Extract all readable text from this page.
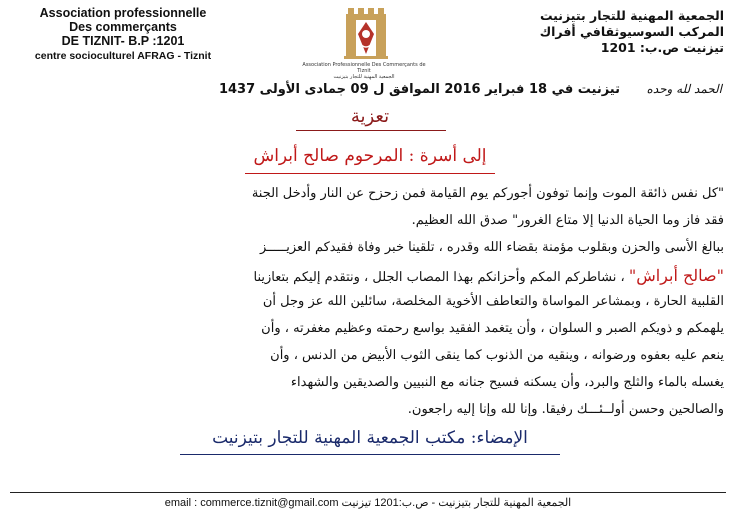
Association professionnelle
Des commerçants
DE TIZNIT- B.P :1201
centre socioculturel AFRAG - Tiznit
Association Professionnelle Des Commerçants de Tiznit
الجمعية المهنية للتجار بتيزنيت
الجمعية المهنية للتجار بتيزنيت
المركب السوسيوثقافي أفراك
تيزنيت ص.ب: 1201
الحمد لله وحده
تيزنيت في 18 فبراير 2016 الموافق ل 09 جمادى الأولى 1437
تعزية
إلى أسرة : المرحوم صالح أبراش
"كل نفس ذائقة الموت وإنما توفون أجوركم يوم القيامة فمن زحزح عن النار وأدخل الجنة
فقد فاز وما الحياة الدنيا إلا متاع الغرور" صدق الله العظيم.
ببالغ الأسى والحزن وبقلوب مؤمنة بقضاء الله وقدره ، تلقينا خبر وفاة فقيدكم العزيـــــز
"صالح أبراش" ، نشاطركم المكم وأحزانكم بهذا المصاب الجلل ، ونتقدم إليكم بتعازينا
القلبية الحارة ، وبمشاعر المواساة والتعاطف الأخوية المخلصة، سائلين الله عز وجل أن
يلهمكم و ذويكم الصبر و السلوان ، وأن يتغمد الفقيد بواسع رحمته وعظيم مغفرته ، وأن
ينعم عليه بعفوه ورضوانه ، وينقيه من الذنوب كما ينقى الثوب الأبيض من الدنس ، وأن
يغسله بالماء والثلج والبرد، وأن يسكنه فسيح جنانه مع النبيين والصديقين والشهداء
والصالحين وحسن أولــئـــك رفيقا. وإنا لله وإنا إليه راجعون.
الإمضاء: مكتب الجمعية المهنية للتجار بتيزنيت
الجمعية المهنية للتجار بتيزنيت - ص.ب:1201 تيزنيت email : commerce.tiznit@gmail.com
